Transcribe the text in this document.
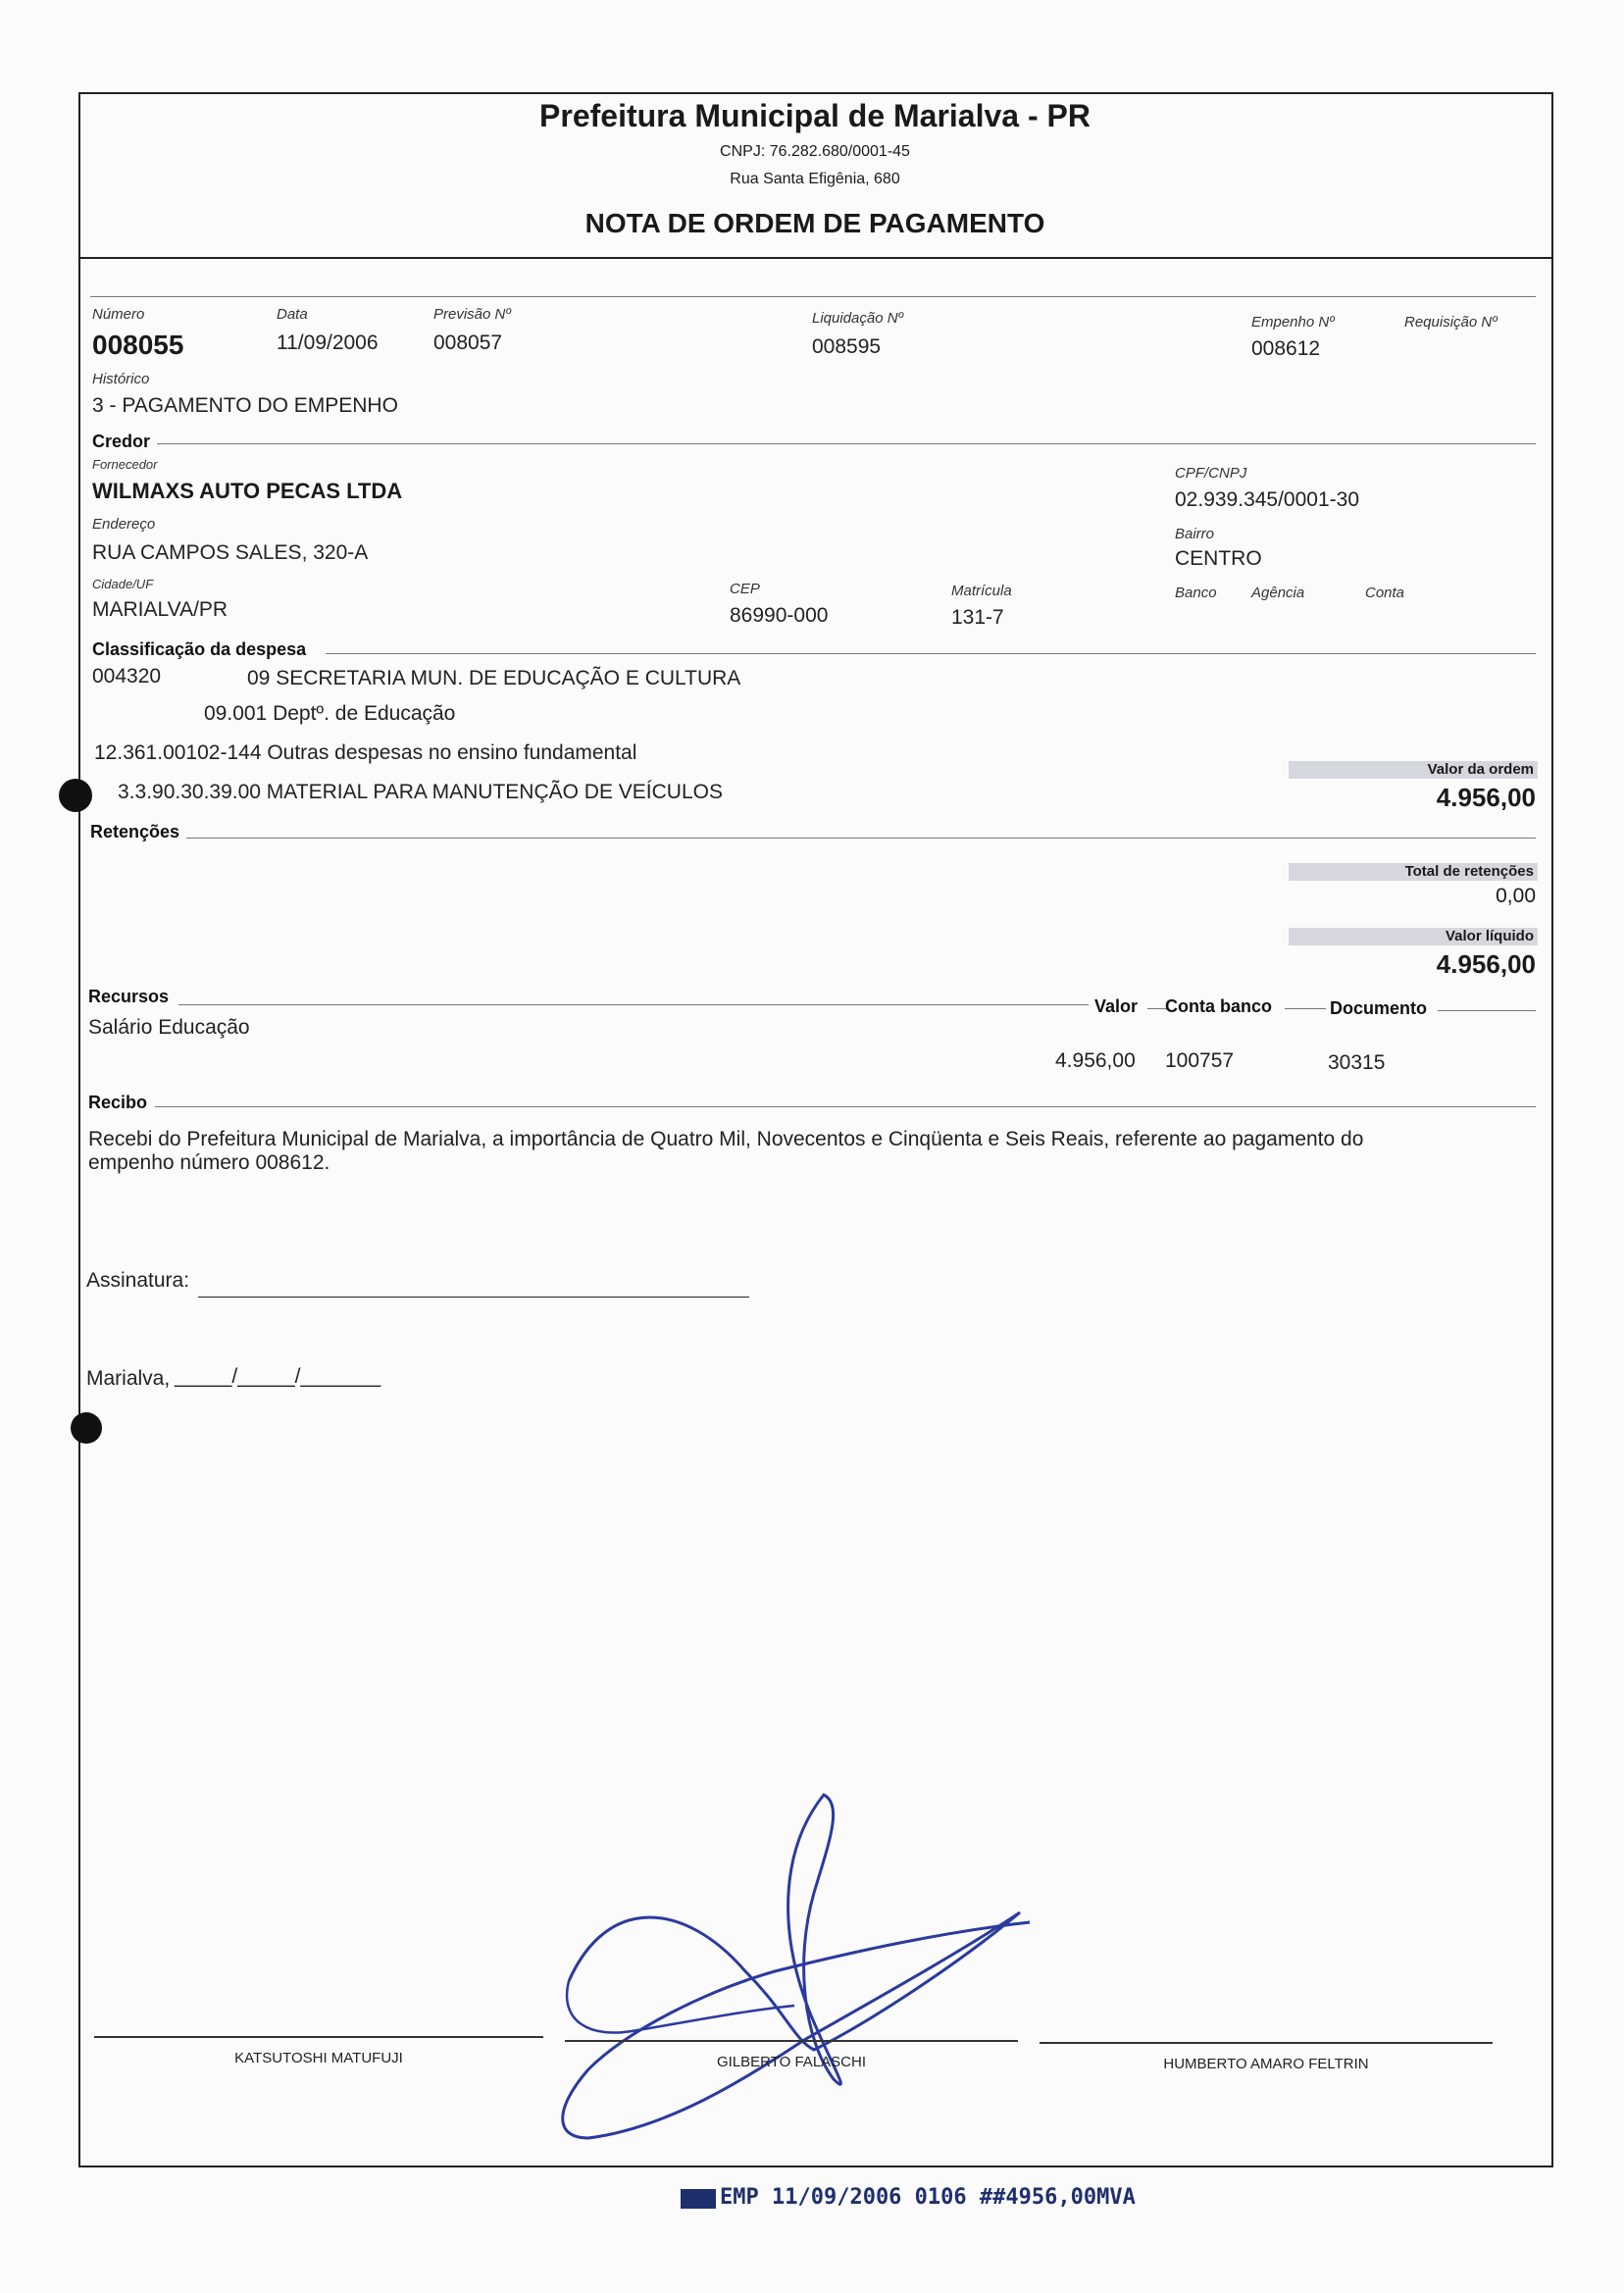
Prefeitura Municipal de Marialva - PR
CNPJ: 76.282.680/0001-45
Rua Santa Efigênia, 680
NOTA DE ORDEM DE PAGAMENTO
Número
008055
Data
11/09/2006
Previsão Nº
008057
Liquidação Nº
008595
Empenho Nº
008612
Requisição Nº
Histórico
3 - PAGAMENTO DO EMPENHO
Credor
Fornecedor
WILMAXS AUTO PECAS LTDA
CPF/CNPJ
02.939.345/0001-30
Endereço
RUA CAMPOS SALES, 320-A
Bairro
CENTRO
Cidade/UF
MARIALVA/PR
CEP
86990-000
Matrícula
131-7
Banco Agência	Conta
Classificação da despesa
004320	09 SECRETARIA MUN. DE EDUCAÇÃO E CULTURA
09.001 Deptº. de Educação
12.361.00102-144 Outras despesas no ensino fundamental
3.3.90.30.39.00 MATERIAL PARA MANUTENÇÃO DE VEÍCULOS
Valor da ordem
4.956,00
Retenções
Total de retenções
0,00
Valor líquido
4.956,00
Recursos	Valor Conta banco	Documento
Salário Educação
4.956,00 100757	30315
Recibo
Recebi do Prefeitura Municipal de Marialva, a importância de Quatro Mil, Novecentos e Cinqüenta e Seis Reais, referente ao pagamento do
empenho número 008612.
Assinatura:
Marialva, _____/_____/_______
KATSUTOSHI MATUFUJI	GILBERTO FALASCHI	HUMBERTO AMARO FELTRIN
EMP 11/09/2006 0106 ##4956,00MVA
